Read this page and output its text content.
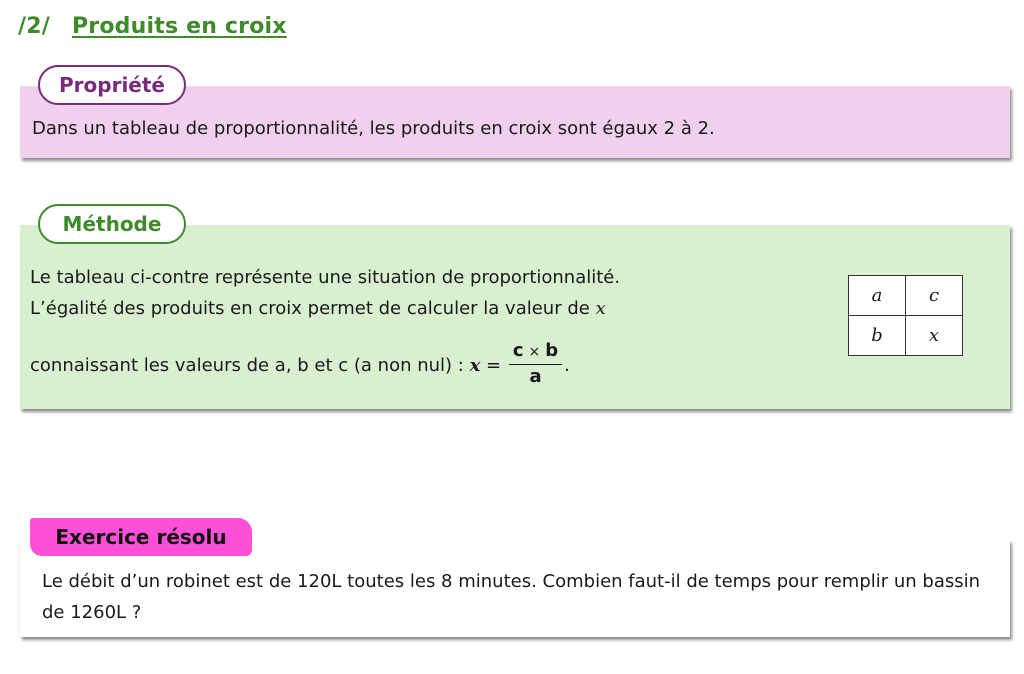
/2/ Produits en croix
Dans un tableau de proportionnalité, les produits en croix sont égaux 2 à 2.
Propriété
Le tableau ci-contre représente une situation de proportionnalité.
L’égalité des produits en croix permet de calculer la valeur de x
connaissant les valeurs de a, b et c (a non nul) : $x = \frac{c \times b}{a}$ .
a	c
b	x
Méthode
Le débit d’un robinet est de 120L toutes les 8 minutes. Combien faut-il de temps pour remplir un bassin de 1260L ?
Exercice résolu
